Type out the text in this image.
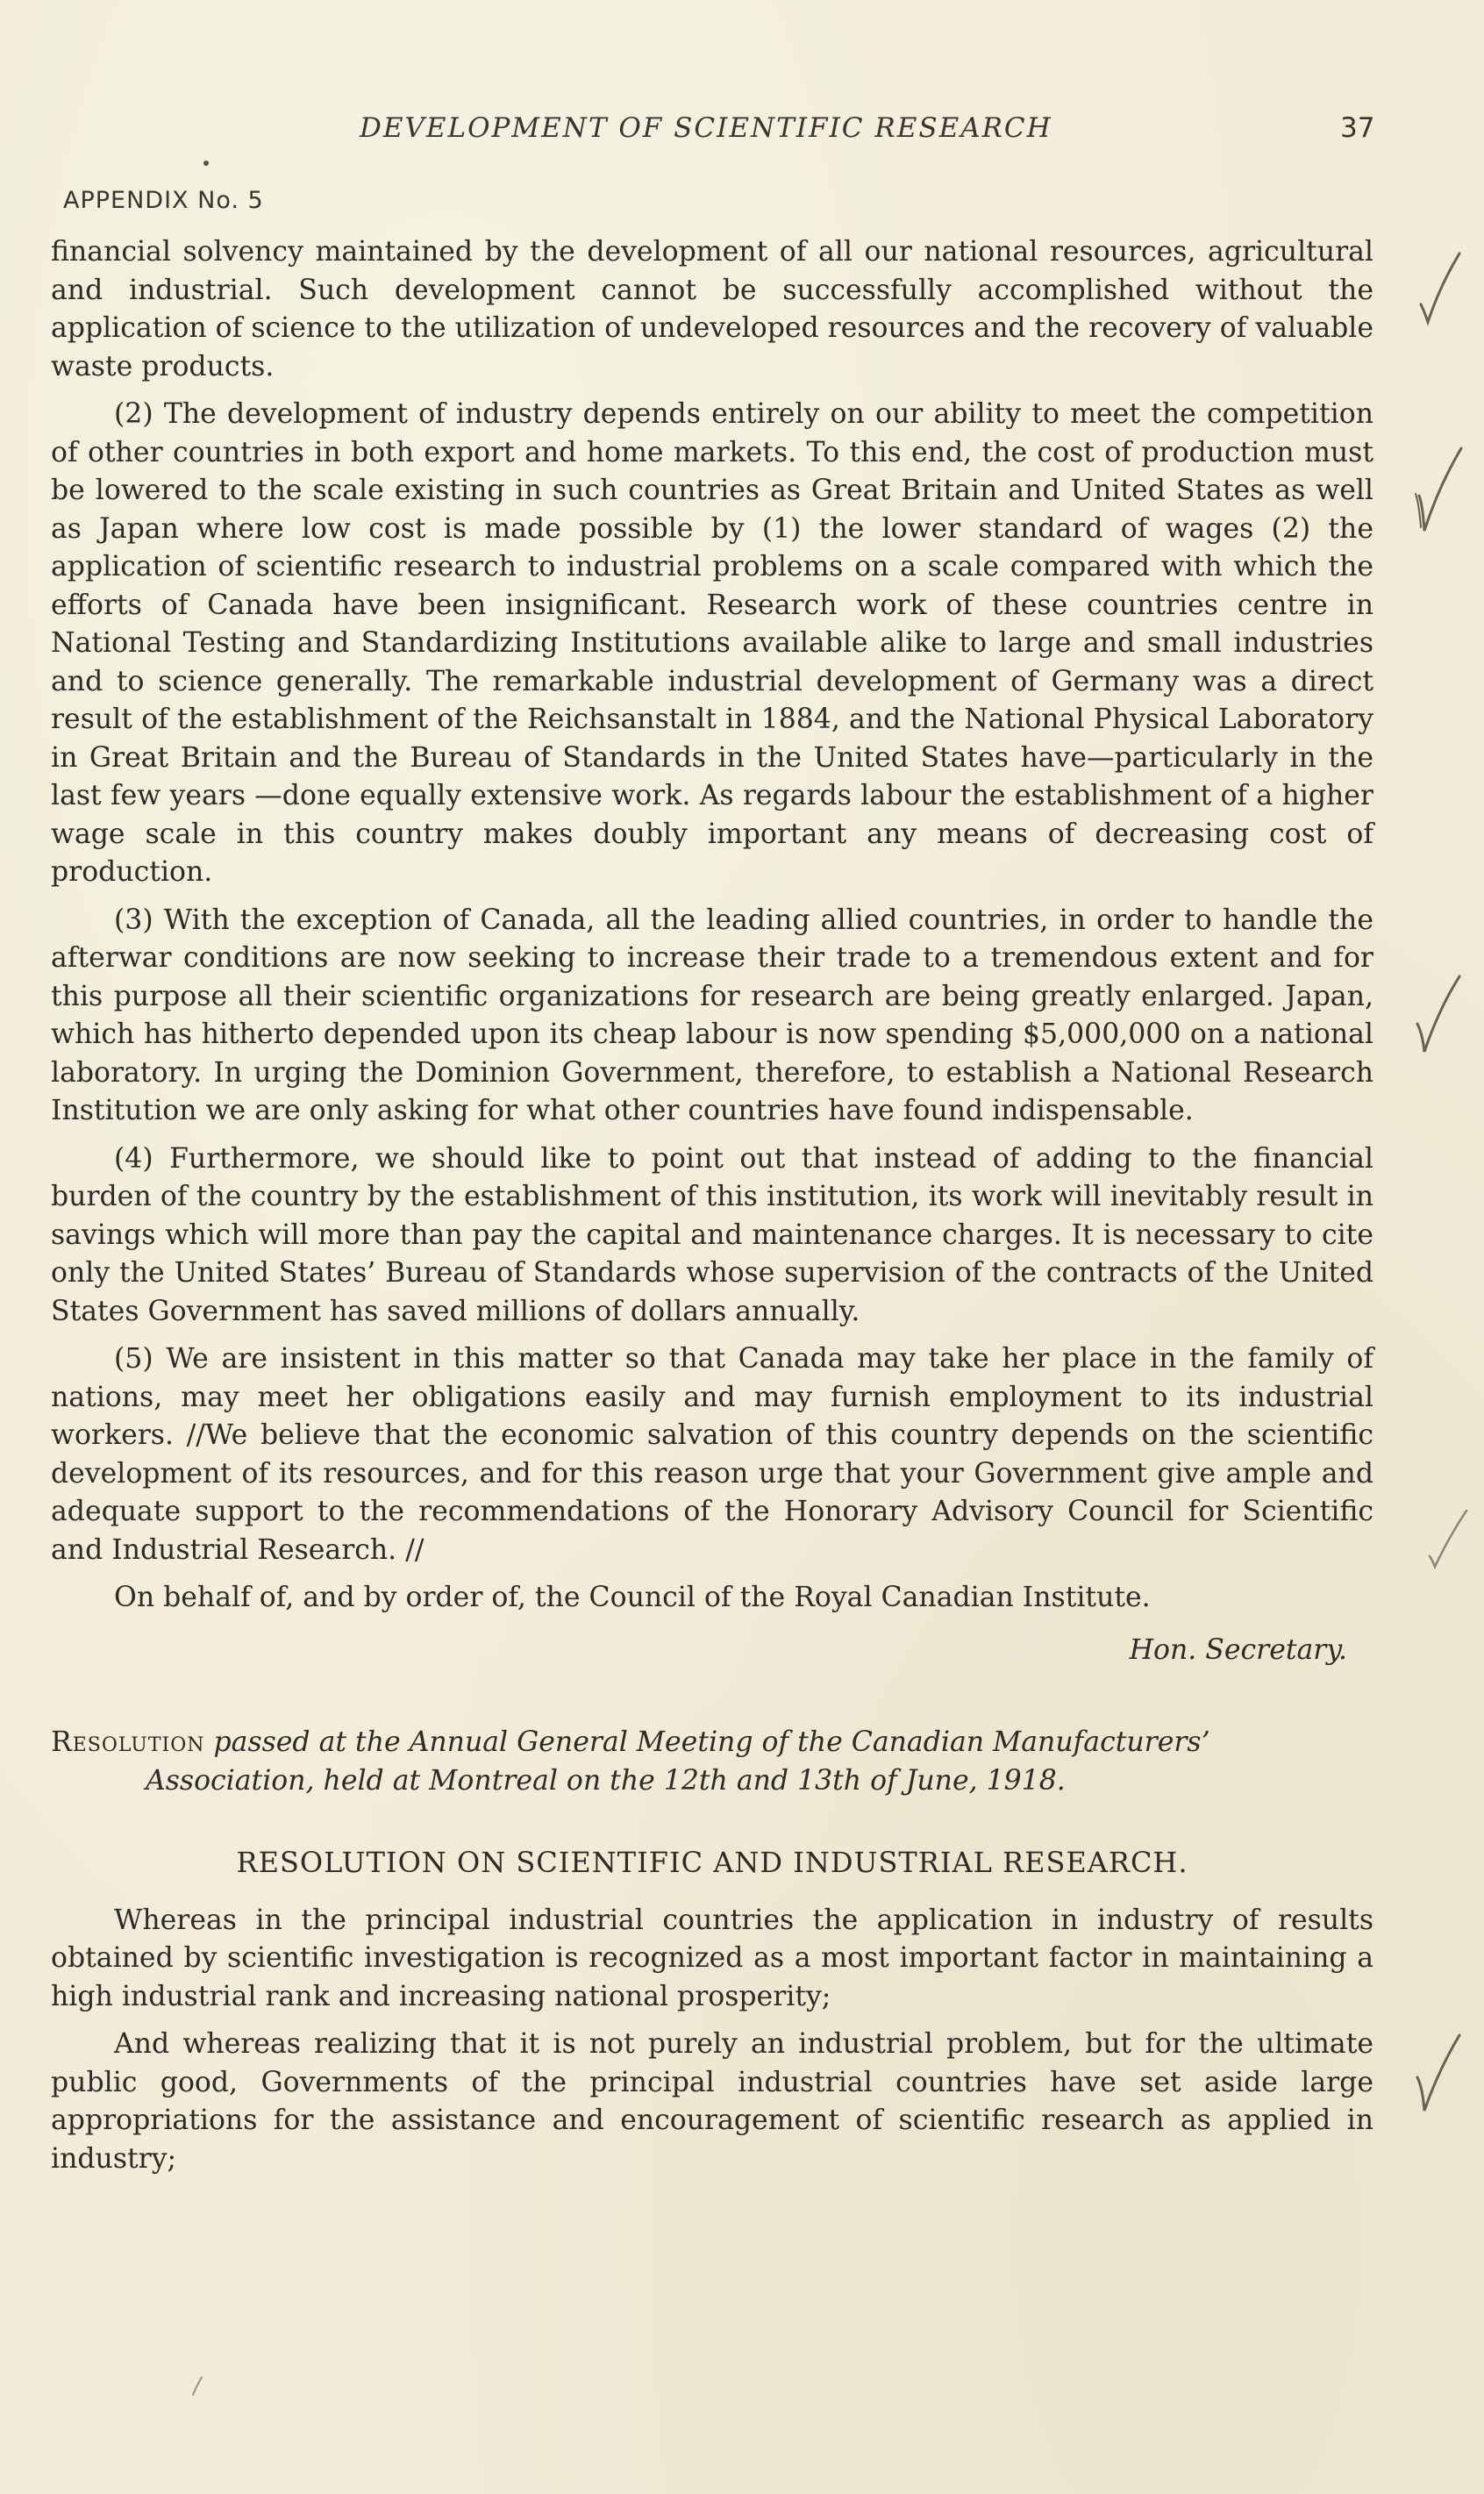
DEVELOPMENT OF SCIENTIFIC RESEARCH	37
APPENDIX No. 5

financial solvency maintained by the development of all our national resources, agricultural and industrial. Such development cannot be successfully accomplished without the application of science to the utilization of undeveloped resources and the recovery of valuable waste products.

(2) The development of industry depends entirely on our ability to meet the competition of other countries in both export and home markets. To this end, the cost of production must be lowered to the scale existing in such countries as Great Britain and United States as well as Japan where low cost is made possible by (1) the lower standard of wages (2) the application of scientific research to industrial problems on a scale compared with which the efforts of Canada have been insignificant. Research work of these countries centre in National Testing and Standardizing Institutions available alike to large and small industries and to science generally. The remarkable industrial development of Germany was a direct result of the establishment of the Reichsanstalt in 1884, and the National Physical Laboratory in Great Britain and the Bureau of Standards in the United States have—particularly in the last few years —done equally extensive work. As regards labour the establishment of a higher wage scale in this country makes doubly important any means of decreasing cost of production.

(3) With the exception of Canada, all the leading allied countries, in order to handle the afterwar conditions are now seeking to increase their trade to a tremendous extent and for this purpose all their scientific organizations for research are being greatly enlarged. Japan, which has hitherto depended upon its cheap labour is now spending $5,000,000 on a national laboratory. In urging the Dominion Government, therefore, to establish a National Research Institution we are only asking for what other countries have found indispensable.

(4) Furthermore, we should like to point out that instead of adding to the financial burden of the country by the establishment of this institution, its work will inevitably result in savings which will more than pay the capital and maintenance charges. It is necessary to cite only the United States’ Bureau of Standards whose supervision of the contracts of the United States Government has saved millions of dollars annually.

(5) We are insistent in this matter so that Canada may take her place in the family of nations, may meet her obligations easily and may furnish employment to its industrial workers. //We believe that the economic salvation of this country depends on the scientific development of its resources, and for this reason urge that your Government give ample and adequate support to the recommendations of the Honorary Advisory Council for Scientific and Industrial Research. //

On behalf of, and by order of, the Council of the Royal Canadian Institute.

Hon. Secretary.

Resolution passed at the Annual General Meeting of the Canadian Manufacturers’
Association, held at Montreal on the 12th and 13th of June, 1918.

RESOLUTION ON SCIENTIFIC AND INDUSTRIAL RESEARCH.

Whereas in the principal industrial countries the application in industry of results obtained by scientific investigation is recognized as a most important factor in maintaining a high industrial rank and increasing national prosperity;

And whereas realizing that it is not purely an industrial problem, but for the ultimate public good, Governments of the principal industrial countries have set aside large appropriations for the assistance and encouragement of scientific research as applied in industry;
